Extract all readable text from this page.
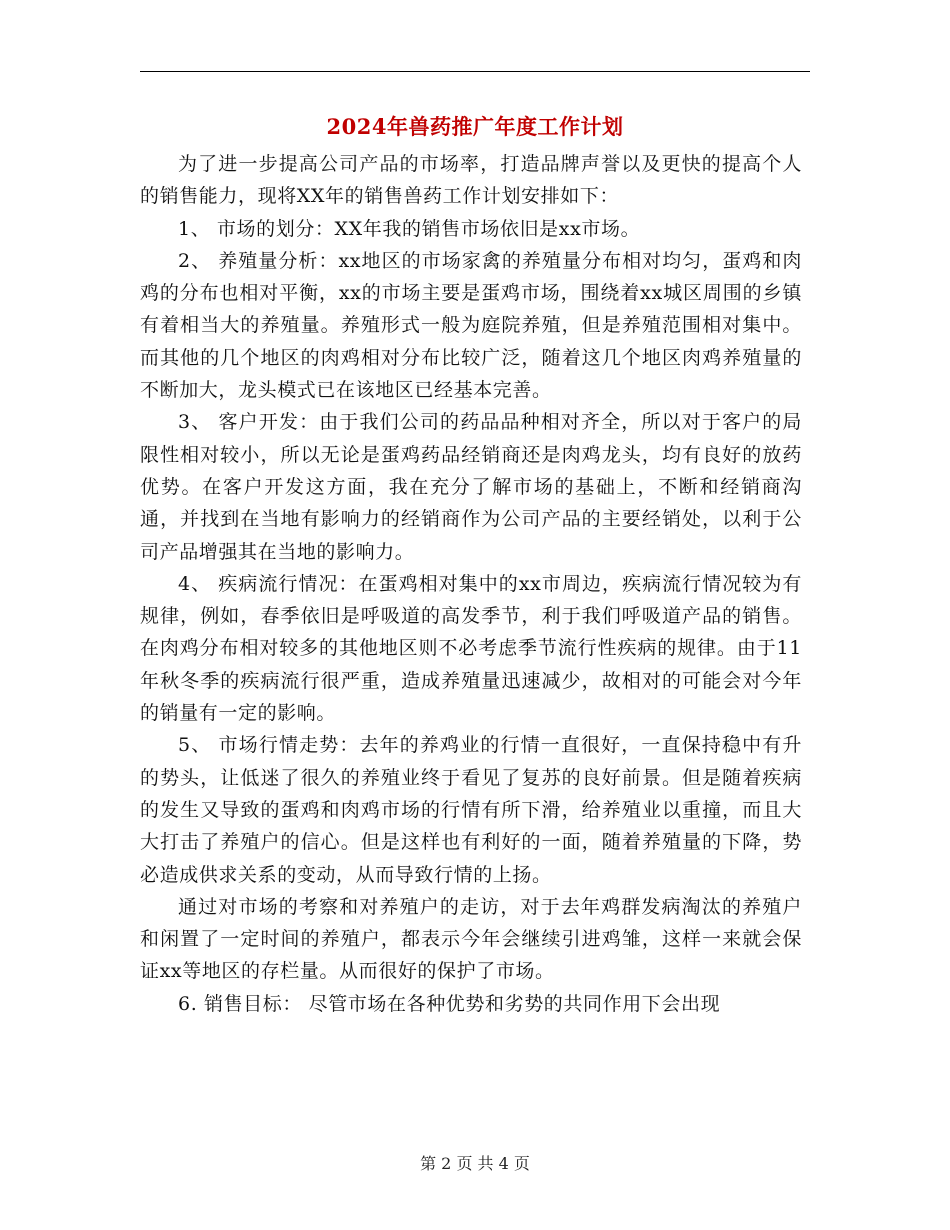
2024年兽药推广年度工作计划

为了进一步提高公司产品的市场率，打造品牌声誉以及更快的提高个人的销售能力，现将XX年的销售兽药工作计划安排如下：

1、 市场的划分：XX年我的销售市场依旧是xx市场。

2、 养殖量分析：xx地区的市场家禽的养殖量分布相对均匀，蛋鸡和肉鸡的分布也相对平衡，xx的市场主要是蛋鸡市场，围绕着xx城区周围的乡镇有着相当大的养殖量。养殖形式一般为庭院养殖，但是养殖范围相对集中。而其他的几个地区的肉鸡相对分布比较广泛，随着这几个地区肉鸡养殖量的不断加大，龙头模式已在该地区已经基本完善。

3、 客户开发：由于我们公司的药品品种相对齐全，所以对于客户的局限性相对较小，所以无论是蛋鸡药品经销商还是肉鸡龙头，均有良好的放药优势。在客户开发这方面，我在充分了解市场的基础上，不断和经销商沟通，并找到在当地有影响力的经销商作为公司产品的主要经销处，以利于公司产品增强其在当地的影响力。

4、 疾病流行情况：在蛋鸡相对集中的xx市周边，疾病流行情况较为有规律，例如，春季依旧是呼吸道的高发季节，利于我们呼吸道产品的销售。在肉鸡分布相对较多的其他地区则不必考虑季节流行性疾病的规律。由于11年秋冬季的疾病流行很严重，造成养殖量迅速减少，故相对的可能会对今年的销量有一定的影响。

5、 市场行情走势：去年的养鸡业的行情一直很好，一直保持稳中有升的势头，让低迷了很久的养殖业终于看见了复苏的良好前景。但是随着疾病的发生又导致的蛋鸡和肉鸡市场的行情有所下滑，给养殖业以重撞，而且大大打击了养殖户的信心。但是这样也有利好的一面，随着养殖量的下降，势必造成供求关系的变动，从而导致行情的上扬。

通过对市场的考察和对养殖户的走访，对于去年鸡群发病淘汰的养殖户和闲置了一定时间的养殖户，都表示今年会继续引进鸡雏，这样一来就会保证xx等地区的存栏量。从而很好的保护了市场。

6. 销售目标： 尽管市场在各种优势和劣势的共同作用下会出现

第 2 页 共 4 页
